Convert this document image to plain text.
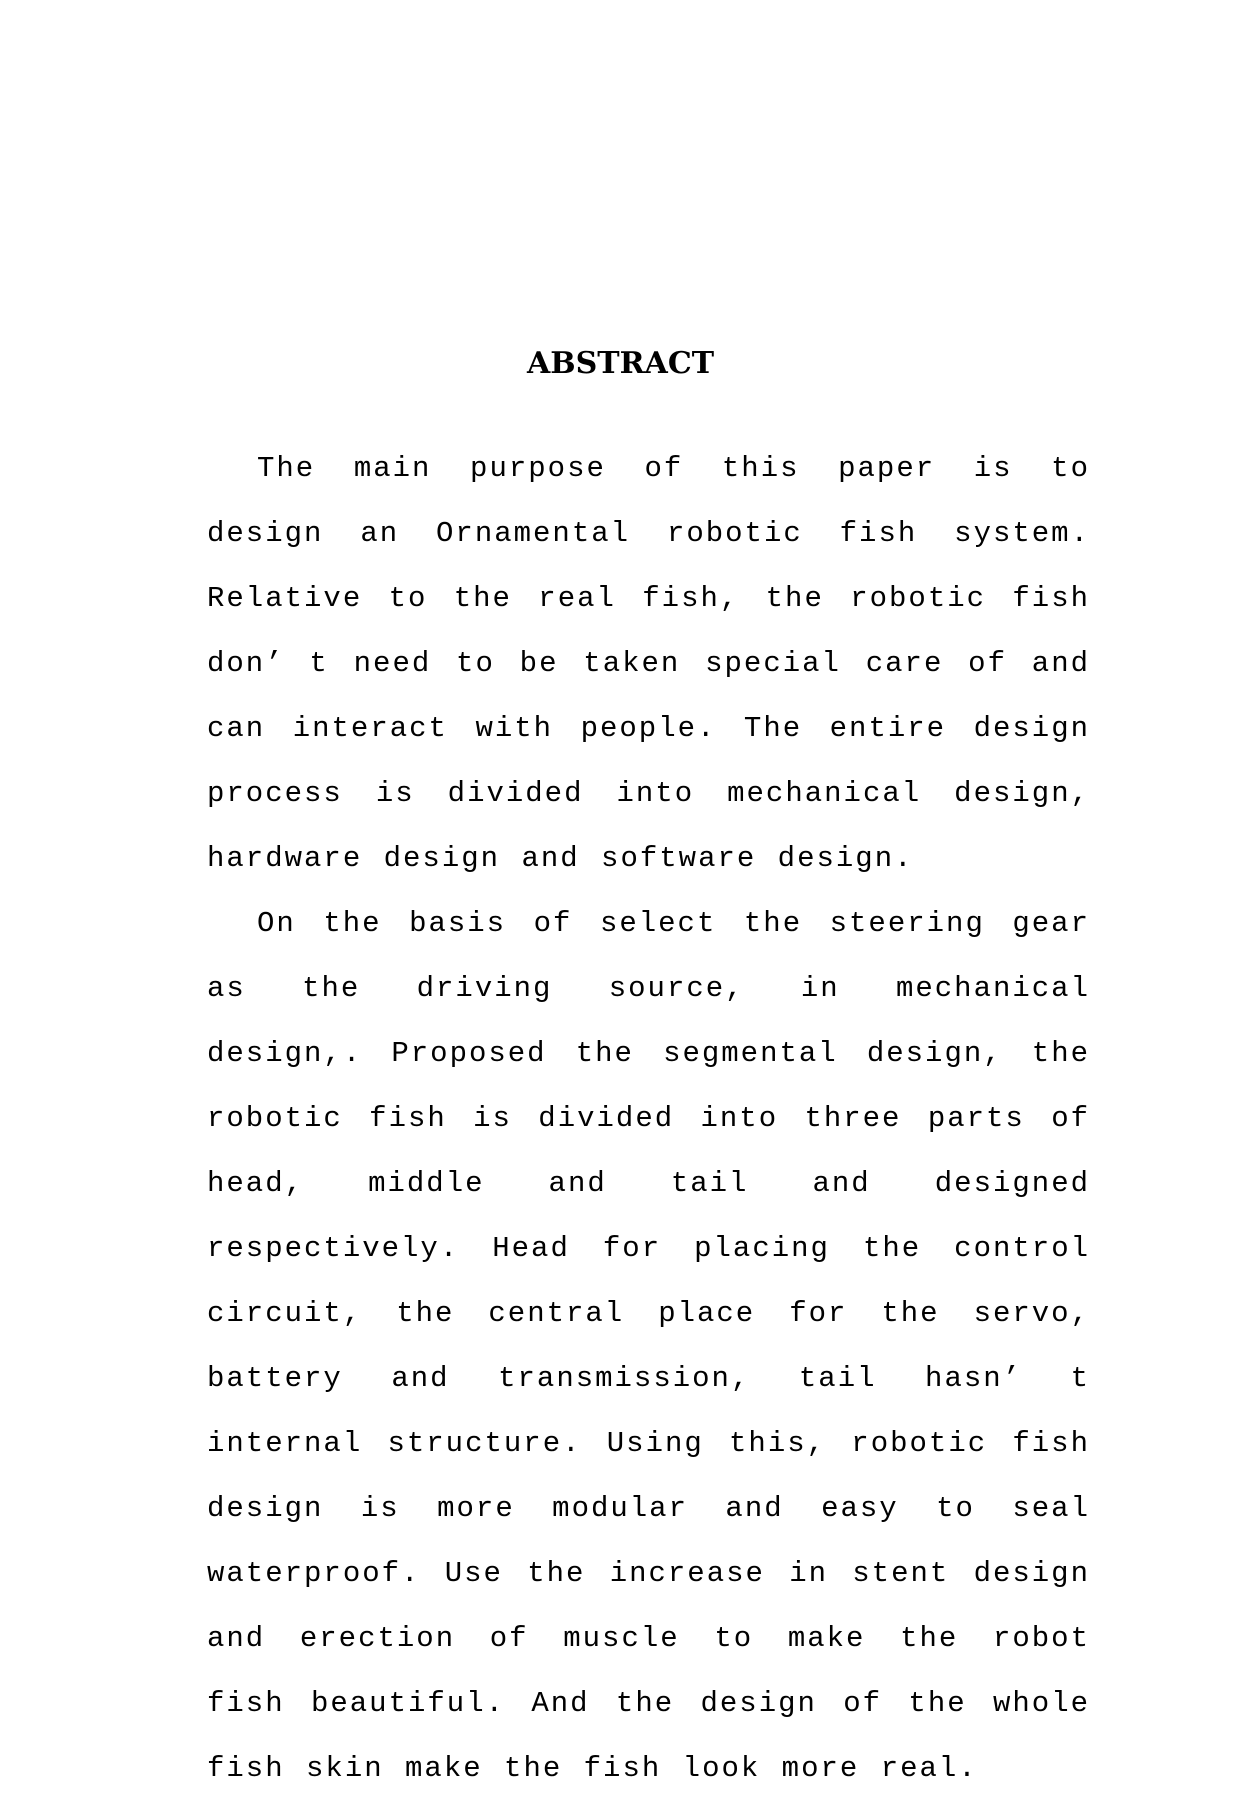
ABSTRACT

The main purpose of this paper is to design an Ornamental robotic fish system. Relative to the real fish, the robotic fish don’ t need to be taken special care of and can interact with people. The entire design process is divided into mechanical design, hardware design and software design.

On the basis of select the steering gear as the driving source, in mechanical design,. Proposed the segmental design, the robotic fish is divided into three parts of head, middle and tail and designed respectively. Head for placing the control circuit, the central place for the servo, battery and transmission, tail hasn’ t internal structure. Using this, robotic fish design is more modular and easy to seal waterproof. Use the increase in stent design and erection of muscle to make the robot fish beautiful. And the design of the whole fish skin make the fish look more real.
